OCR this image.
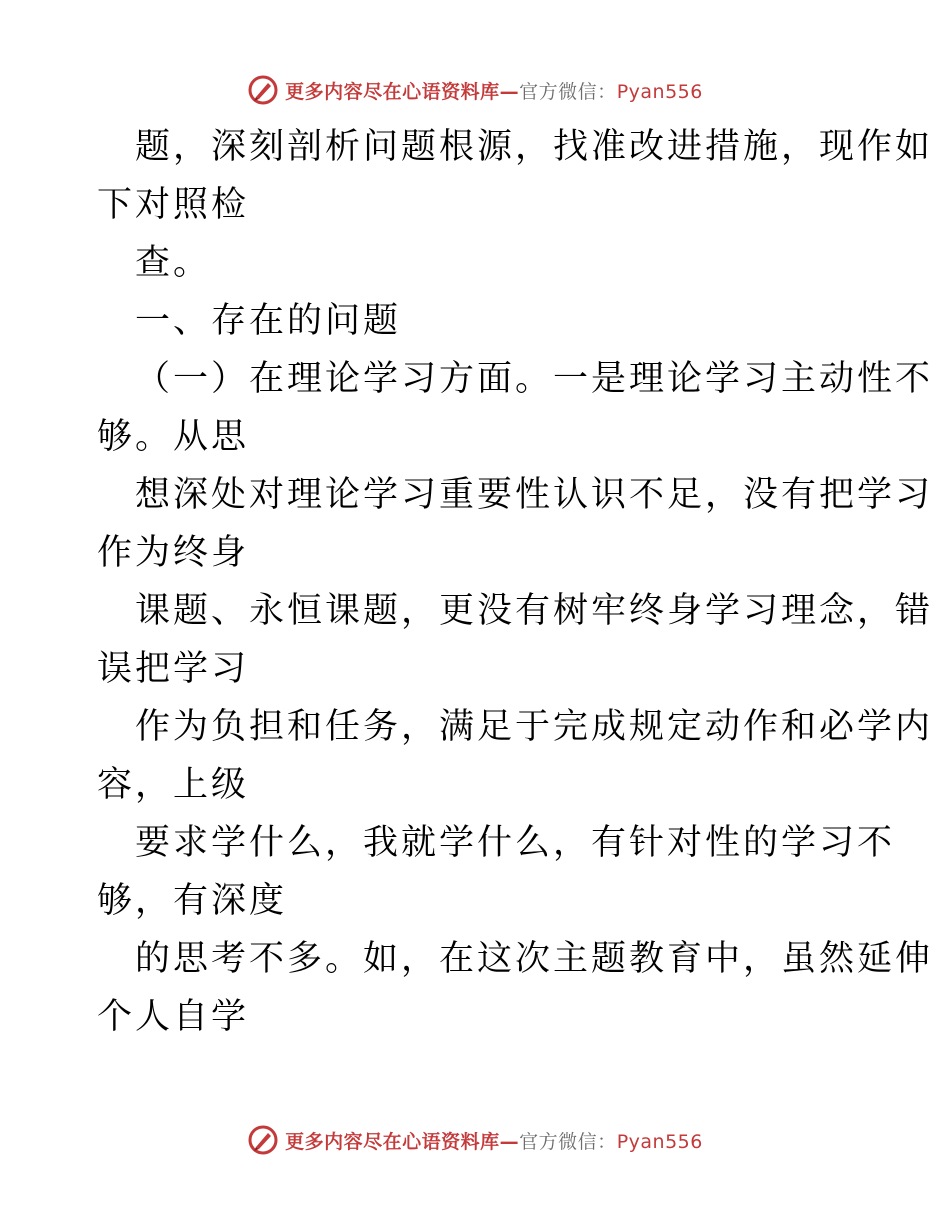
更多内容尽在心语资料库—官方微信：Pyan556
题，深刻剖析问题根源，找准改进措施，现作如
下对照检
查。
一、存在的问题
（一）在理论学习方面。一是理论学习主动性不
够。从思
想深处对理论学习重要性认识不足，没有把学习
作为终身
课题、永恒课题，更没有树牢终身学习理念，错
误把学习
作为负担和任务，满足于完成规定动作和必学内
容，上级
要求学什么，我就学什么，有针对性的学习不
够，有深度
的思考不多。如，在这次主题教育中，虽然延伸
个人自学
更多内容尽在心语资料库—官方微信：Pyan556
